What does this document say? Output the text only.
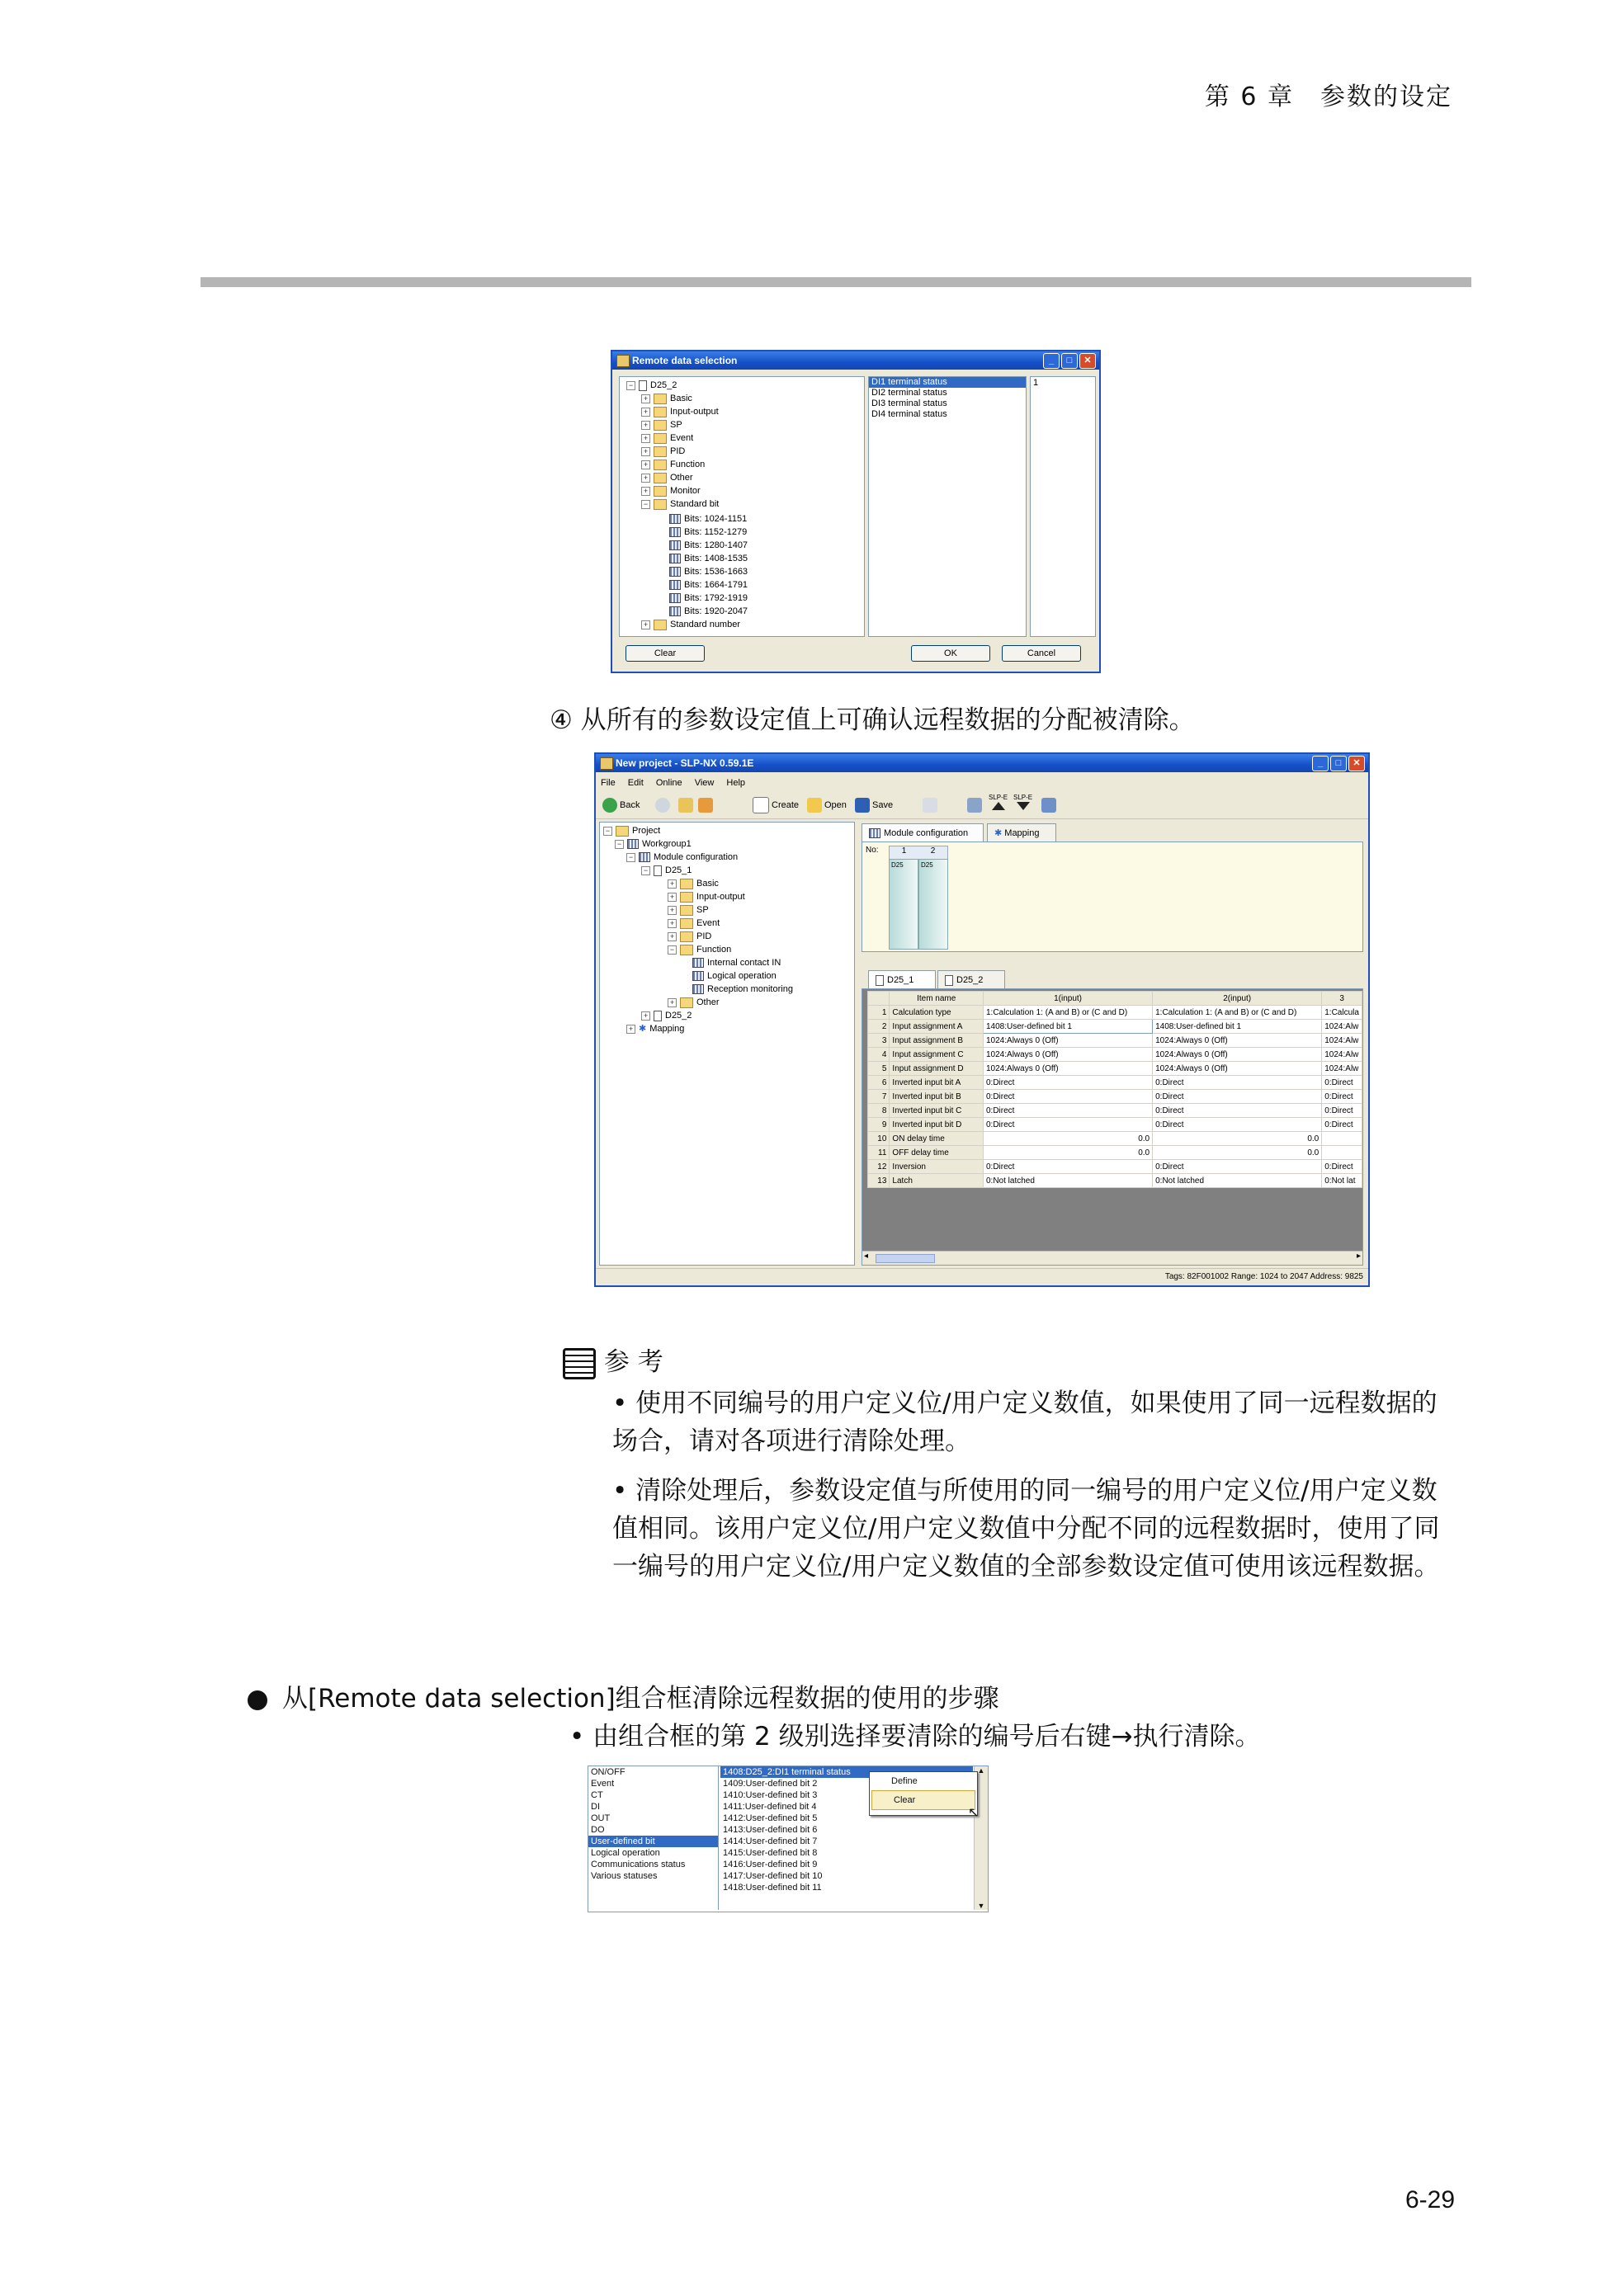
第 6 章　参数的设定
Remote data selection	_	□	✕
− D25_2
+ Basic
+ Input-output
+ SP
+ Event
+ PID
+ Function
+ Other
+ Monitor
− Standard bit
Bits: 1024-1151
Bits: 1152-1279
Bits: 1280-1407
Bits: 1408-1535
Bits: 1536-1663
Bits: 1664-1791
Bits: 1792-1919
Bits: 1920-2047
+ Standard number
DI1 terminal status
DI2 terminal status
DI3 terminal status
DI4 terminal status
1
Clear	OK	Cancel
④ 从所有的参数设定值上可确认远程数据的分配被清除。
New project - SLP-NX 0.59.1E	_	□	✕
File Edit Online View Help
Back	Create	Open	Save
SLP-E SLP-E
− Project
− Workgroup1
− Module configuration
− D25_1
+ Basic
+ Input-output
+ SP
+ Event
+ PID
− Function
Internal contact IN
Logical operation
Reception monitoring
+ Other
+ D25_2
+ ✱ Mapping
Module configuration	✱ Mapping
No:	1	2
D25	D25
D25_1	D25_2
	Item name	1(input)	2(input)	3
1	Calculation type	1:Calculation 1: (A and B) or (C and D)	1:Calculation 1: (A and B) or (C and D)	1:Calcula
2	Input assignment A	1408:User-defined bit 1	1408:User-defined bit 1	1024:Alw
3	Input assignment B	1024:Always 0 (Off)	1024:Always 0 (Off)	1024:Alw
4	Input assignment C	1024:Always 0 (Off)	1024:Always 0 (Off)	1024:Alw
5	Input assignment D	1024:Always 0 (Off)	1024:Always 0 (Off)	1024:Alw
6	Inverted input bit A	0:Direct	0:Direct	0:Direct
7	Inverted input bit B	0:Direct	0:Direct	0:Direct
8	Inverted input bit C	0:Direct	0:Direct	0:Direct
9	Inverted input bit D	0:Direct	0:Direct	0:Direct
10	ON delay time	0.0	0.0	
11	OFF delay time	0.0	0.0	
12	Inversion	0:Direct	0:Direct	0:Direct
13	Latch	0:Not latched	0:Not latched	0:Not lat
◂	▸
Tags: 82F001002 Range: 1024 to 2047 Address: 9825
参 考
• 使用不同编号的用户定义位/用户定义数值，如果使用了同一远程数据的场合，请对各项进行清除处理。
• 清除处理后，参数设定值与所使用的同一编号的用户定义位/用户定义数值相同。该用户定义位/用户定义数值中分配不同的远程数据时，使用了同一编号的用户定义位/用户定义数值的全部参数设定值可使用该远程数据。
从[Remote data selection]组合框清除远程数据的使用的步骤
• 由组合框的第 2 级别选择要清除的编号后右键→执行清除。
ON/OFF
Event
CT
DI
OUT
DO
User-defined bit
Logical operation
Communications status
Various statuses
1408:D25_2:DI1 terminal status
1409:User-defined bit 2
1410:User-defined bit 3
1411:User-defined bit 4
1412:User-defined bit 5
1413:User-defined bit 6
1414:User-defined bit 7
1415:User-defined bit 8
1416:User-defined bit 9
1417:User-defined bit 10
1418:User-defined bit 11
▲
▼
Define
Clear
↖
6-29
